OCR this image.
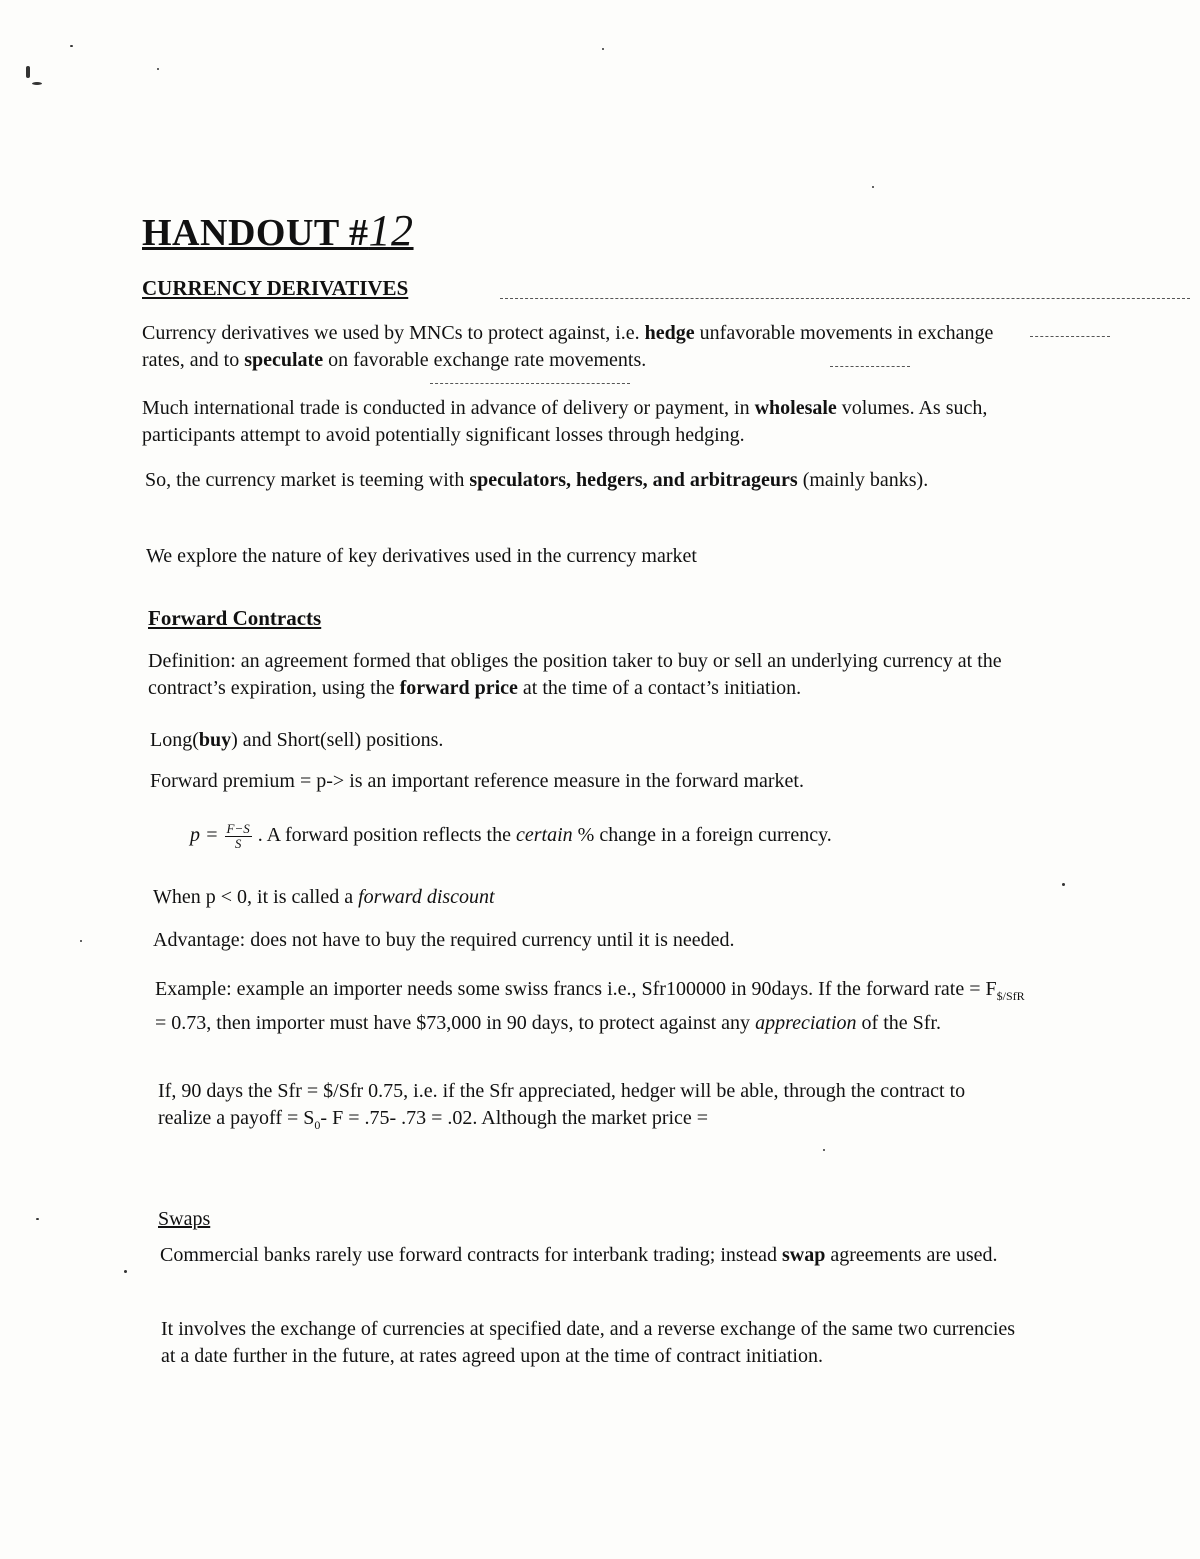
HANDOUT #12
CURRENCY DERIVATIVES

Currency derivatives we used by MNCs to protect against, i.e. hedge unfavorable movements in exchange rates, and to speculate on favorable exchange rate movements.

Much international trade is conducted in advance of delivery or payment, in wholesale volumes. As such, participants attempt to avoid potentially significant losses through hedging.

So, the currency market is teeming with speculators, hedgers, and arbitrageurs (mainly banks).

We explore the nature of key derivatives used in the currency market

Forward Contracts

Definition: an agreement formed that obliges the position taker to buy or sell an underlying currency at the contract’s expiration, using the forward price at the time of a contact’s initiation.

Long(buy) and Short(sell) positions.

Forward premium = p-> is an important reference measure in the forward market.

$p = \frac{F-S}{S}$ . A forward position reflects the certain % change in a foreign currency.

When p < 0, it is called a forward discount

Advantage: does not have to buy the required currency until it is needed.

Example: example an importer needs some swiss francs i.e., Sfr100000 in 90days. If the forward rate = $F_{\$/SfR} = 0.73$, then importer must have $73,000 in 90 days, to protect against any appreciation of the Sfr.

If, 90 days the Sfr = $/Sfr 0.75, i.e. if the Sfr appreciated, hedger will be able, through the contract to realize a payoff = $S_0-$ F = .75- .73 = .02. Although the market price =

Swaps

Commercial banks rarely use forward contracts for interbank trading; instead swap agreements are used.

It involves the exchange of currencies at specified date, and a reverse exchange of the same two currencies at a date further in the future, at rates agreed upon at the time of contract initiation.
